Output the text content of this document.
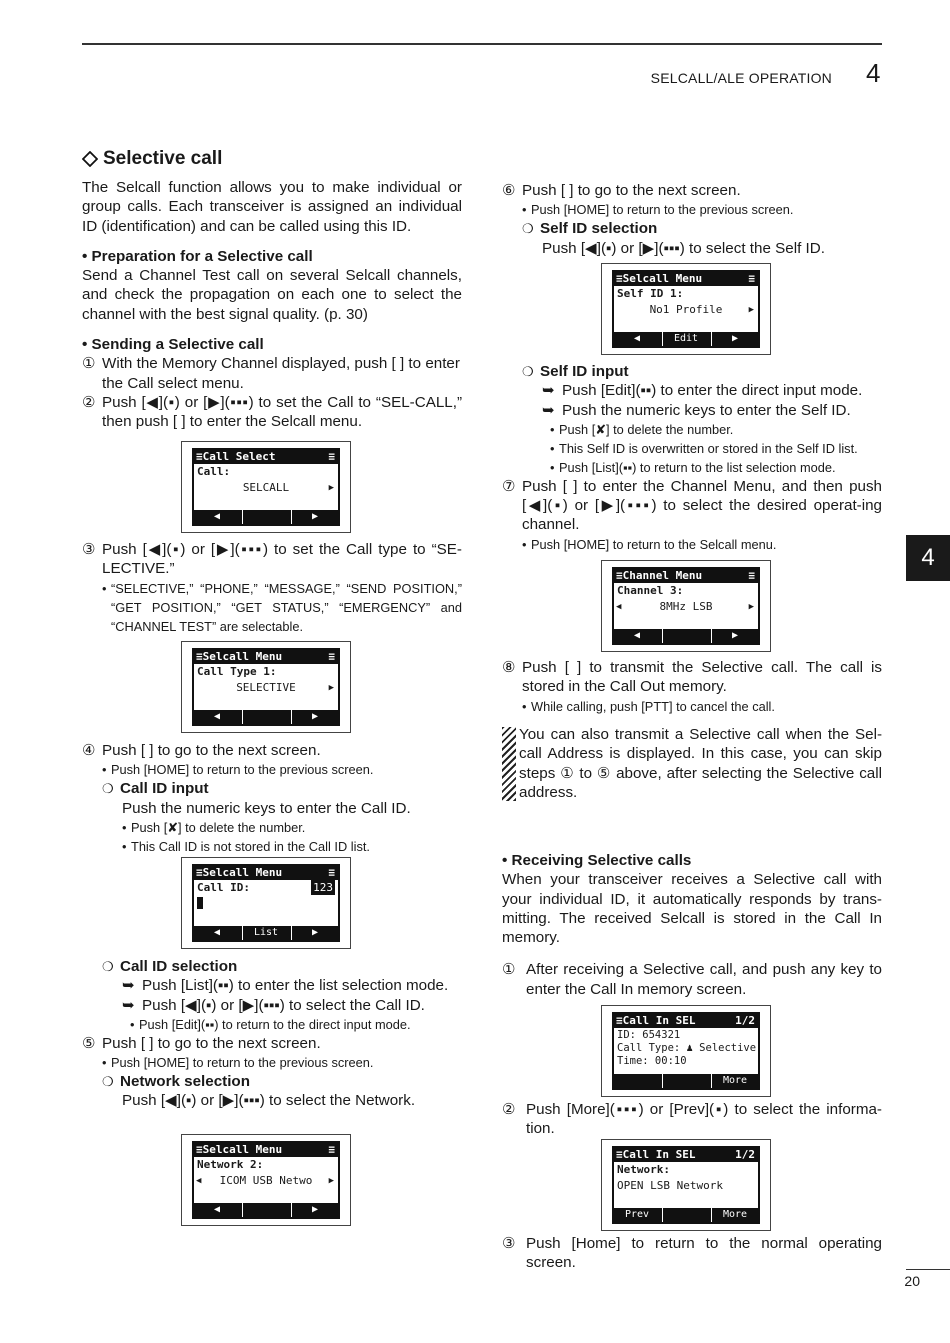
SELCALL/ALE OPERATION 4
4
Selective call

The Selcall function allows you to make individual or group calls. Each transceiver is assigned an individual ID (identification) and can be called using this ID.

• Preparation for a Selective call

Send a Channel Test call on several Selcall channels, and check the propagation on each one to select the channel with the best signal quality. (p. 30)

• Sending a Selective call

① With the Memory Channel displayed, push [ ] to enter the Call select menu.
② Push [◀](▪) or [▶](▪▪▪) to set the Call to “SEL-CALL,” then push [ ] to enter the Selcall menu.
③ Push [◀](▪) or [▶](▪▪▪) to set the Call type to “SE-LECTIVE.”
• “SELECTIVE,” “PHONE,” “MESSAGE,” “SEND POSITION,” “GET POSITION,” “GET STATUS,” “EMERGENCY” and “CHANNEL TEST” are selectable.
④ Push [ ] to go to the next screen.
• Push [HOME] to return to the previous screen.
❍ Call ID input
Push the numeric keys to enter the Call ID.
• Push [✘] to delete the number.
• This Call ID is not stored in the Call ID list.
❍ Call ID selection
➥ Push [List](▪▪) to enter the list selection mode.
➥ Push [◀](▪) or [▶](▪▪▪) to select the Call ID.
• Push [Edit](▪▪) to return to the direct input mode.
⑤ Push [ ] to go to the next screen.
• Push [HOME] to return to the previous screen.
❍ Network selection
Push [◀](▪) or [▶](▪▪▪) to select the Network.
≡Call Select	≡
Call:
SELCALL	▶
◀	▶
≡Selcall Menu	≡
Call Type 1:
SELECTIVE	▶
◀	▶
≡Selcall Menu	≡
Call ID:	123
◀	List	▶
≡Selcall Menu	≡
Network 2:
◀ ICOM USB Netwo ▶
◀	▶
⑥ Push [ ] to go to the next screen.
• Push [HOME] to return to the previous screen.
❍ Self ID selection
Push [◀](▪) or [▶](▪▪▪) to select the Self ID.
❍ Self ID input
➥ Push [Edit](▪▪) to enter the direct input mode.
➥ Push the numeric keys to enter the Self ID.
• Push [✘] to delete the number.
• This Self ID is overwritten or stored in the Self ID list.
• Push [List](▪▪) to return to the list selection mode.
⑦ Push [ ] to enter the Channel Menu, and then push [◀](▪) or [▶](▪▪▪) to select the desired operat-ing channel.
• Push [HOME] to return to the Selcall menu.
⑧ Push [ ] to transmit the Selective call. The call is stored in the Call Out memory.
• While calling, push [PTT] to cancel the call.
You can also transmit a Selective call when the Sel-call Address is displayed. In this case, you can skip steps ① to ⑤ above, after selecting the Selective call address.

• Receiving Selective calls

When your transceiver receives a Selective call with your individual ID, it automatically responds by trans-mitting. The received Selcall is stored in the Call In memory.

① After receiving a Selective call, and push any key to enter the Call In memory screen.
② Push [More](▪▪▪) or [Prev](▪) to select the informa-tion.
③ Push [Home] to return to the normal operating screen.
≡Selcall Menu	≡
Self ID 1:
No1 Profile	▶
◀	Edit	▶
≡Channel Menu	≡
Channel 3:
◀	8MHz LSB	▶
◀	▶
≡Call In SEL	1/2
ID: 654321
Call Type: ♟ Selective
Time: 00:10
More
≡Call In SEL	1/2
Network:
OPEN LSB Network
Prev	More
20
